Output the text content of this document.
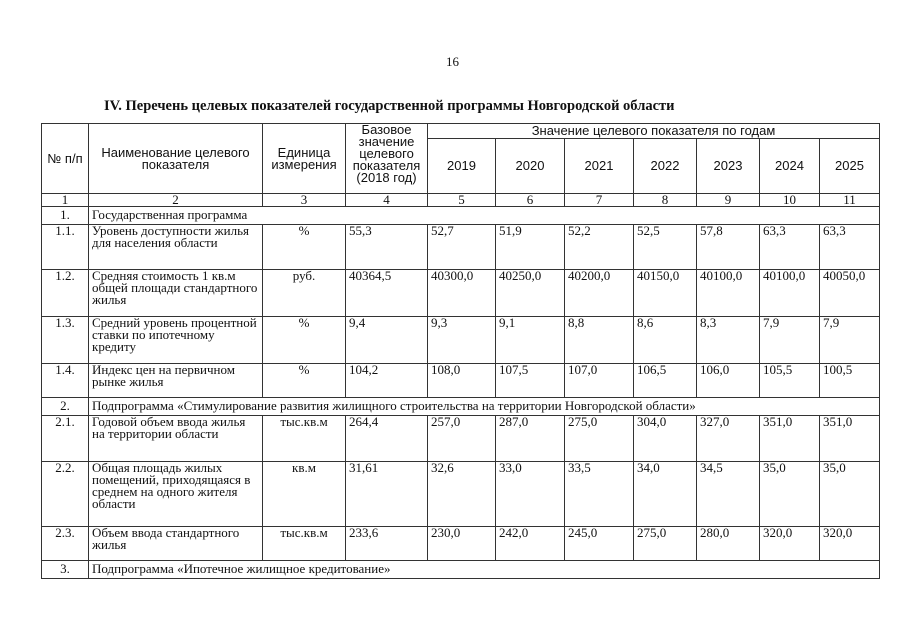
16
IV. Перечень целевых показателей государственной программы Новгородской области
№ п/п	Наименование целевого показателя	Единица измерения	Базовое значение целевого показателя (2018 год)	Значение целевого показателя по годам						
				2019	2020	2021	2022	2023	2024	2025
1	2	3	4	5	6	7	8	9	10	11
1.	Государственная программа									
1.1.	Уровень доступности жилья для населения области	%	55,3	52,7	51,9	52,2	52,5	57,8	63,3	63,3
1.2.	Средняя стоимость 1 кв.м общей площади стандартного жилья	руб.	40364,5	40300,0	40250,0	40200,0	40150,0	40100,0	40100,0	40050,0
1.3.	Средний уровень процентной ставки по ипотечному кредиту	%	9,4	9,3	9,1	8,8	8,6	8,3	7,9	7,9
1.4.	Индекс цен на первичном рынке жилья	%	104,2	108,0	107,5	107,0	106,5	106,0	105,5	100,5
2.	Подпрограмма «Стимулирование развития жилищного строительства на территории Новгородской области»									
2.1.	Годовой объем ввода жилья на территории области	тыс.кв.м	264,4	257,0	287,0	275,0	304,0	327,0	351,0	351,0
2.2.	Общая площадь жилых помещений, приходящаяся в среднем на одного жителя области	кв.м	31,61	32,6	33,0	33,5	34,0	34,5	35,0	35,0
2.3.	Объем ввода стандартного жилья	тыс.кв.м	233,6	230,0	242,0	245,0	275,0	280,0	320,0	320,0
3.	Подпрограмма «Ипотечное жилищное кредитование»									
